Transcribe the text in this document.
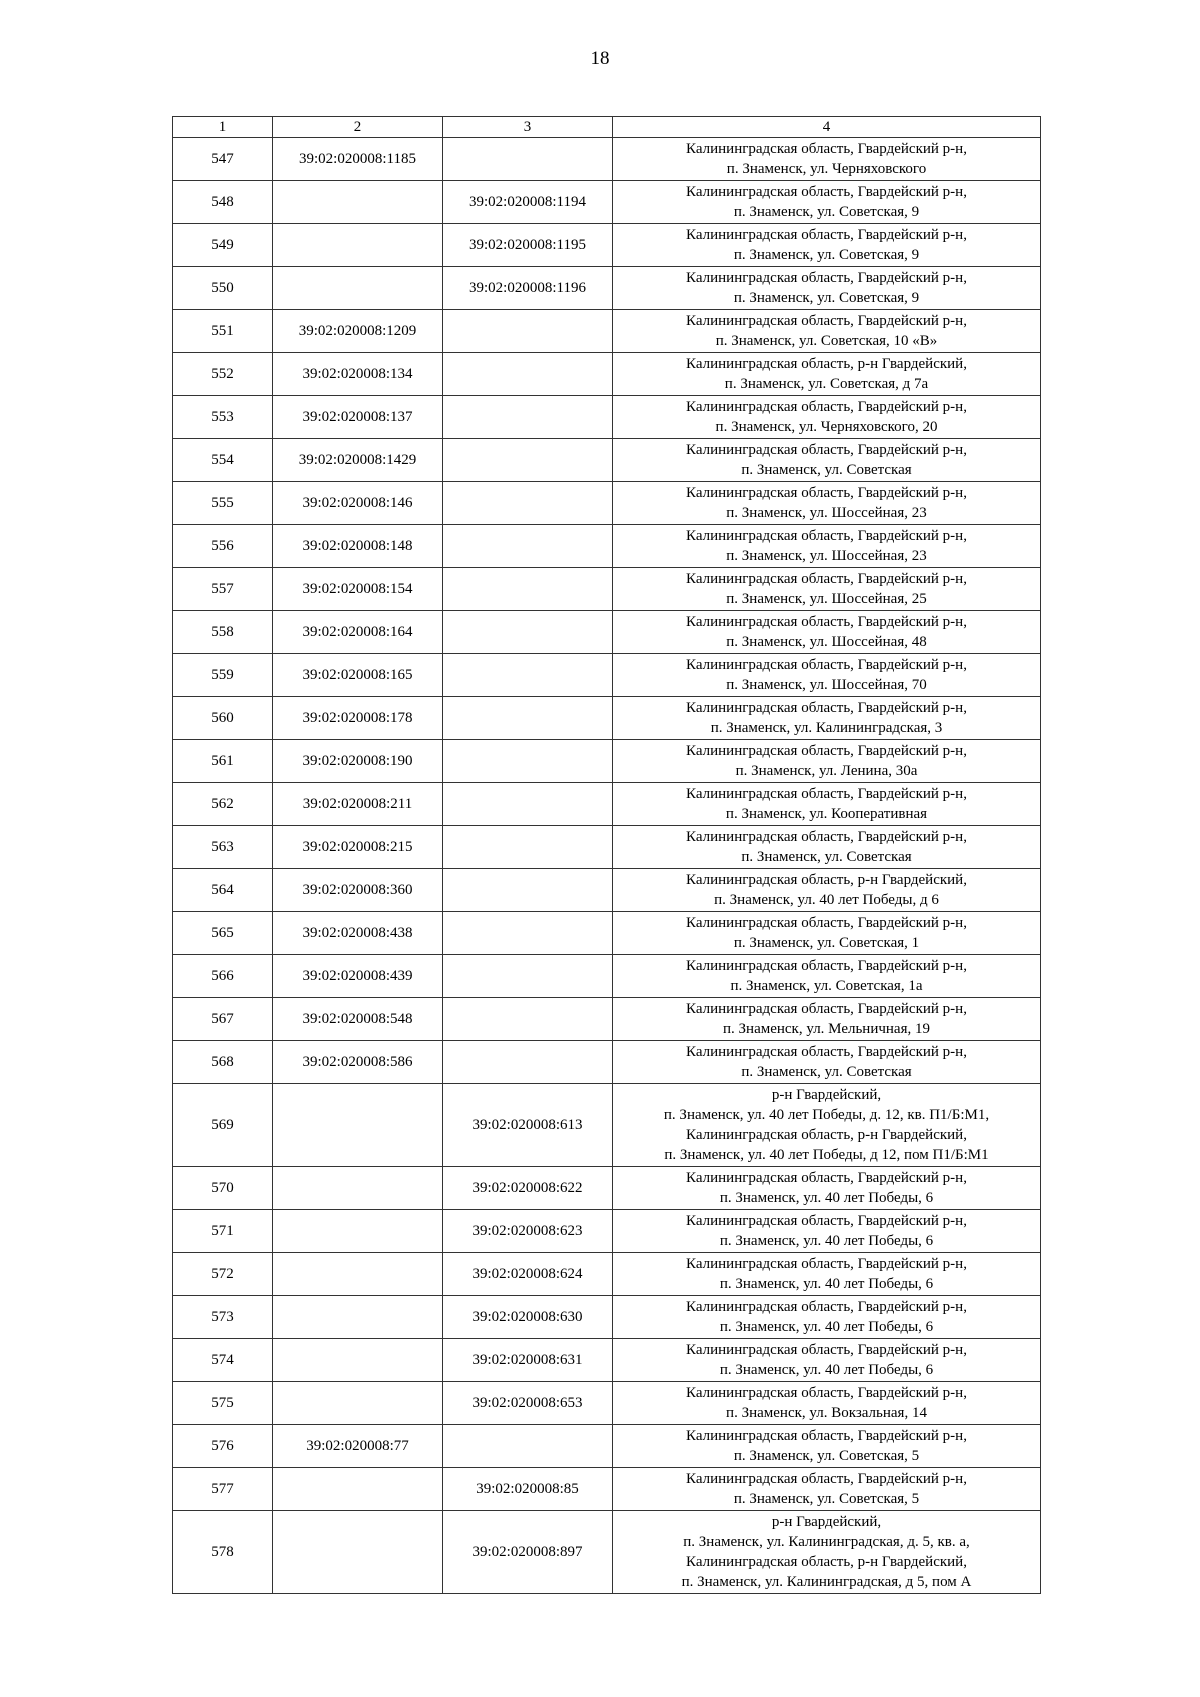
18
1	2	3	4
547	39:02:020008:1185		Калининградская область, Гвардейский р-н,
п. Знаменск, ул. Черняховского

548		39:02:020008:1194	Калининградская область, Гвардейский р-н,
п. Знаменск, ул. Советская, 9

549		39:02:020008:1195	Калининградская область, Гвардейский р-н,
п. Знаменск, ул. Советская, 9

550		39:02:020008:1196	Калининградская область, Гвардейский р-н,
п. Знаменск, ул. Советская, 9

551	39:02:020008:1209		Калининградская область, Гвардейский р-н,
п. Знаменск, ул. Советская, 10 «В»

552	39:02:020008:134		Калининградская область, р-н Гвардейский,
п. Знаменск, ул. Советская, д 7а

553	39:02:020008:137		Калининградская область, Гвардейский р-н,
п. Знаменск, ул. Черняховского, 20

554	39:02:020008:1429		Калининградская область, Гвардейский р-н,
п. Знаменск, ул. Советская

555	39:02:020008:146		Калининградская область, Гвардейский р-н,
п. Знаменск, ул. Шоссейная, 23

556	39:02:020008:148		Калининградская область, Гвардейский р-н,
п. Знаменск, ул. Шоссейная, 23

557	39:02:020008:154		Калининградская область, Гвардейский р-н,
п. Знаменск, ул. Шоссейная, 25

558	39:02:020008:164		Калининградская область, Гвардейский р-н,
п. Знаменск, ул. Шоссейная, 48

559	39:02:020008:165		Калининградская область, Гвардейский р-н,
п. Знаменск, ул. Шоссейная, 70

560	39:02:020008:178		Калининградская область, Гвардейский р-н,
п. Знаменск, ул. Калининградская, 3

561	39:02:020008:190		Калининградская область, Гвардейский р-н,
п. Знаменск, ул. Ленина, 30а

562	39:02:020008:211		Калининградская область, Гвардейский р-н,
п. Знаменск, ул. Кооперативная

563	39:02:020008:215		Калининградская область, Гвардейский р-н,
п. Знаменск, ул. Советская

564	39:02:020008:360		Калининградская область, р-н Гвардейский,
п. Знаменск, ул. 40 лет Победы, д 6

565	39:02:020008:438		Калининградская область, Гвардейский р-н,
п. Знаменск, ул. Советская, 1

566	39:02:020008:439		Калининградская область, Гвардейский р-н,
п. Знаменск, ул. Советская, 1а

567	39:02:020008:548		Калининградская область, Гвардейский р-н,
п. Знаменск, ул. Мельничная, 19

568	39:02:020008:586		Калининградская область, Гвардейский р-н,
п. Знаменск, ул. Советская

569		39:02:020008:613	р-н Гвардейский,
п. Знаменск, ул. 40 лет Победы, д. 12, кв. П1/Б:М1,
Калининградская область, р-н Гвардейский,
п. Знаменск, ул. 40 лет Победы, д 12, пом П1/Б:М1

570		39:02:020008:622	Калининградская область, Гвардейский р-н,
п. Знаменск, ул. 40 лет Победы, 6

571		39:02:020008:623	Калининградская область, Гвардейский р-н,
п. Знаменск, ул. 40 лет Победы, 6

572		39:02:020008:624	Калининградская область, Гвардейский р-н,
п. Знаменск, ул. 40 лет Победы, 6

573		39:02:020008:630	Калининградская область, Гвардейский р-н,
п. Знаменск, ул. 40 лет Победы, 6

574		39:02:020008:631	Калининградская область, Гвардейский р-н,
п. Знаменск, ул. 40 лет Победы, 6

575		39:02:020008:653	Калининградская область, Гвардейский р-н,
п. Знаменск, ул. Вокзальная, 14

576	39:02:020008:77		Калининградская область, Гвардейский р-н,
п. Знаменск, ул. Советская, 5

577		39:02:020008:85	Калининградская область, Гвардейский р-н,
п. Знаменск, ул. Советская, 5

578		39:02:020008:897	р-н Гвардейский,
п. Знаменск, ул. Калининградская, д. 5, кв. а,
Калининградская область, р-н Гвардейский,
п. Знаменск, ул. Калининградская, д 5, пом А
